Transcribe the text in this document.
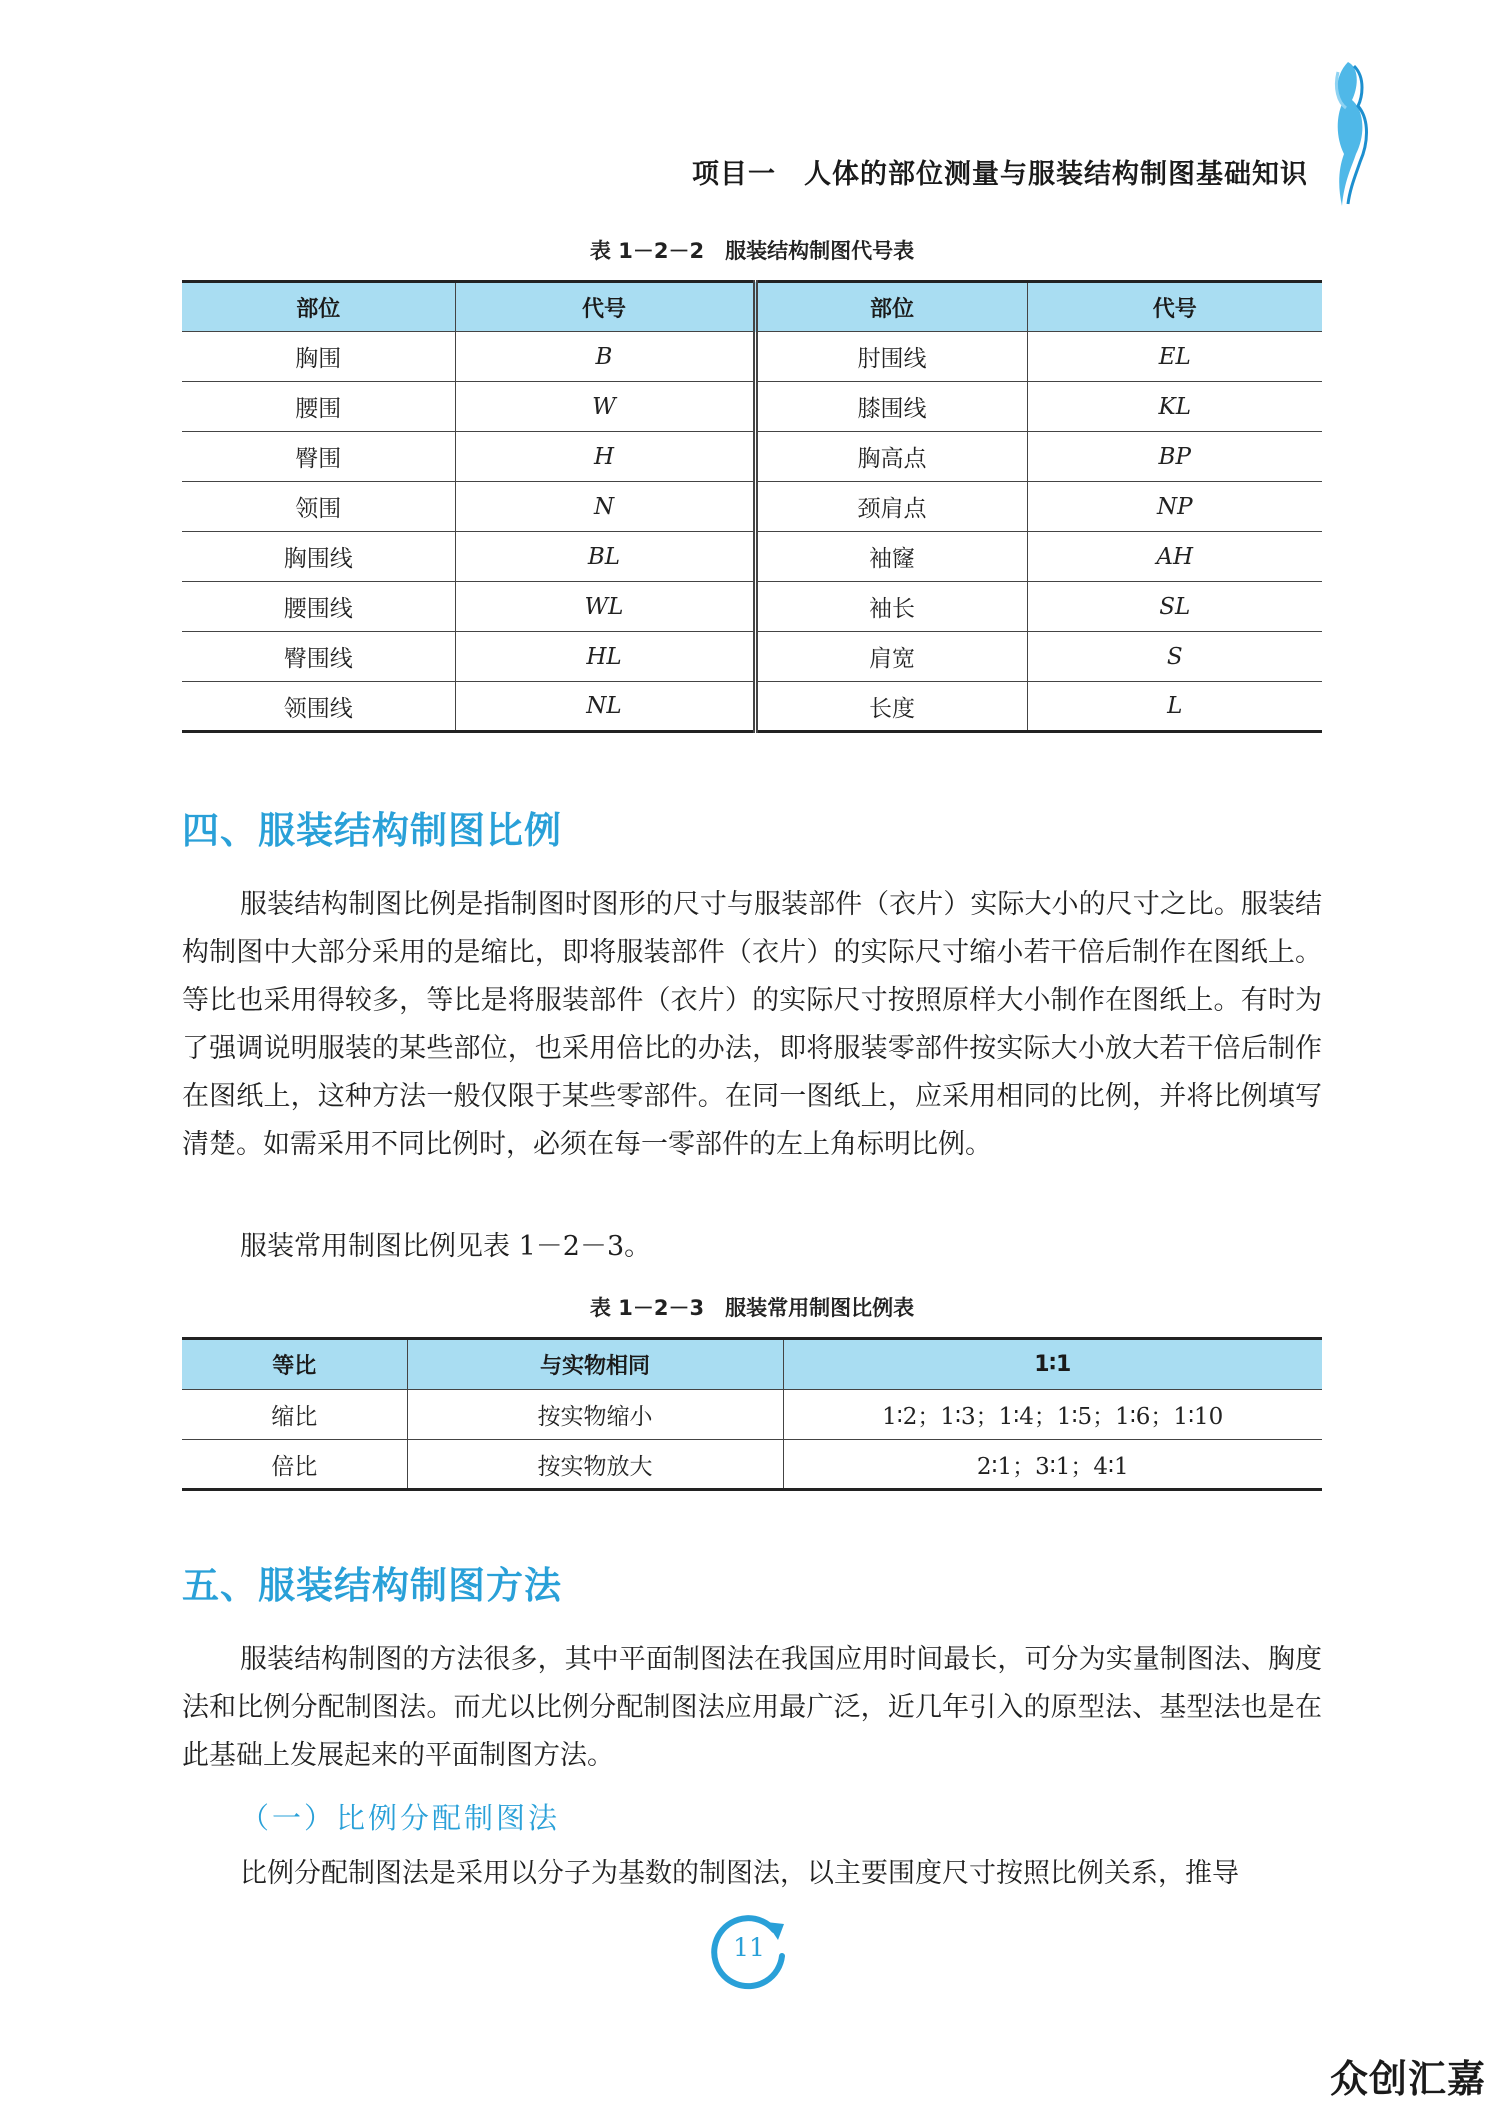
项目一　人体的部位测量与服装结构制图基础知识
表 1－2－2　服装结构制图代号表
部位	代号	部位	代号
胸围	B	肘围线	EL
腰围	W	膝围线	KL
臀围	H	胸高点	BP
领围	N	颈肩点	NP
胸围线	BL	袖窿	AH
腰围线	WL	袖长	SL
臀围线	HL	肩宽	S
领围线	NL	长度	L
四、服装结构制图比例

服装结构制图比例是指制图时图形的尺寸与服装部件（衣片）实际大小的尺寸之比。服装结构制图中大部分采用的是缩比，即将服装部件（衣片）的实际尺寸缩小若干倍后制作在图纸上。等比也采用得较多，等比是将服装部件（衣片）的实际尺寸按照原样大小制作在图纸上。有时为了强调说明服装的某些部位，也采用倍比的办法，即将服装零部件按实际大小放大若干倍后制作在图纸上，这种方法一般仅限于某些零部件。在同一图纸上，应采用相同的比例，并将比例填写清楚。如需采用不同比例时，必须在每一零部件的左上角标明比例。

服装常用制图比例见表 1－2－3。

表 1－2－3　服装常用制图比例表
等比	与实物相同	1∶1
缩比	按实物缩小	1∶2；1∶3；1∶4；1∶5；1∶6；1∶10
倍比	按实物放大	2∶1；3∶1；4∶1
五、服装结构制图方法

服装结构制图的方法很多，其中平面制图法在我国应用时间最长，可分为实量制图法、胸度法和比例分配制图法。而尤以比例分配制图法应用最广泛，近几年引入的原型法、基型法也是在此基础上发展起来的平面制图方法。

（一）比例分配制图法

比例分配制图法是采用以分子为基数的制图法，以主要围度尺寸按照比例关系，推导

11
众创汇嘉
